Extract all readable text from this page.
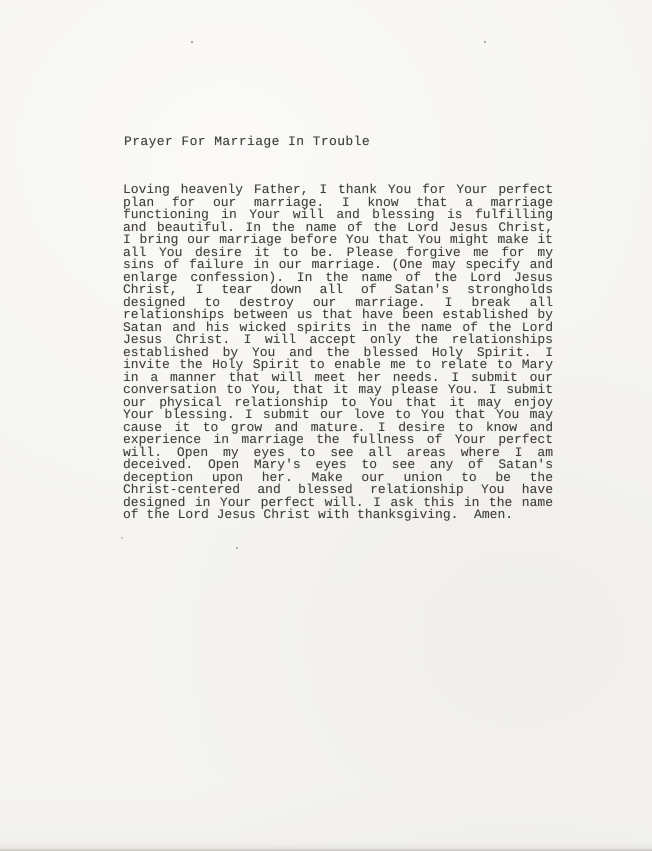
Prayer For Marriage In Trouble
Loving heavenly Father, I thank You for Your perfect
plan for our marriage. I know that a marriage
functioning in Your will and blessing is fulfilling
and beautiful. In the name of the Lord Jesus Christ,
I bring our marriage before You that You might make it
all You desire it to be. Please forgive me for my
sins of failure in our marriage. (One may specify and
enlarge confession). In the name of the Lord Jesus
Christ, I tear down all of Satan's strongholds
designed to destroy our marriage. I break all
relationships between us that have been established by
Satan and his wicked spirits in the name of the Lord
Jesus Christ. I will accept only the relationships
established by You and the blessed Holy Spirit. I
invite the Holy Spirit to enable me to relate to Mary
in a manner that will meet her needs. I submit our
conversation to You, that it may please You. I submit
our physical relationship to You that it may enjoy
Your blessing. I submit our love to You that You may
cause it to grow and mature. I desire to know and
experience in marriage the fullness of Your perfect
will. Open my eyes to see all areas where I am
deceived. Open Mary's eyes to see any of Satan's
deception upon her. Make our union to be the
Christ-centered and blessed relationship You have
designed in Your perfect will. I ask this in the name
of the Lord Jesus Christ with thanksgiving.  Amen.
